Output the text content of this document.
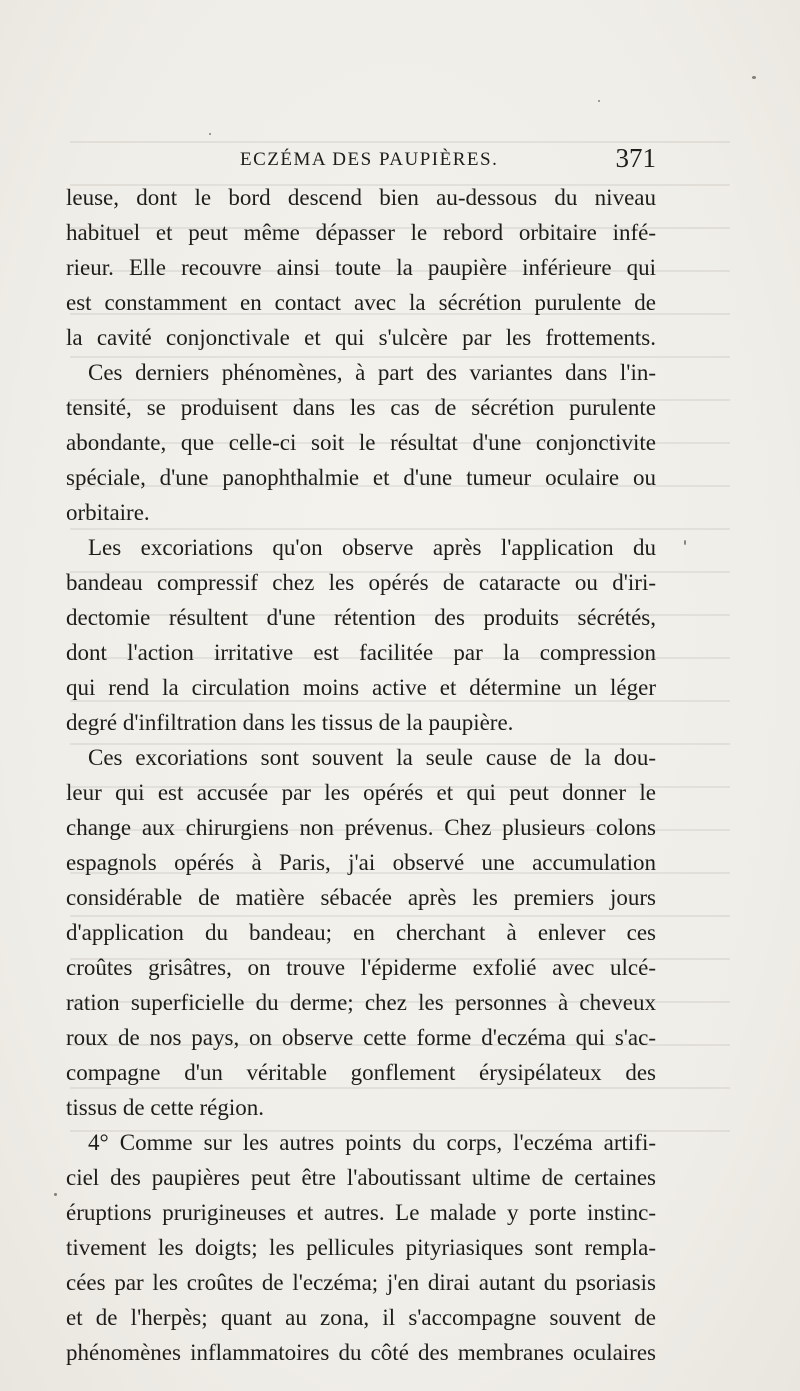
ECZÉMA DES PAUPIÈRES.	371
leuse, dont le bord descend bien au-dessous du niveau
habituel et peut même dépasser le rebord orbitaire infé-
rieur. Elle recouvre ainsi toute la paupière inférieure qui
est constamment en contact avec la sécrétion purulente de
la cavité conjonctivale et qui s'ulcère par les frottements.
Ces derniers phénomènes, à part des variantes dans l'in-
tensité, se produisent dans les cas de sécrétion purulente
abondante, que celle-ci soit le résultat d'une conjonctivite
spéciale, d'une panophthalmie et d'une tumeur oculaire ou
orbitaire.
Les excoriations qu'on observe après l'application du
bandeau compressif chez les opérés de cataracte ou d'iri-
dectomie résultent d'une rétention des produits sécrétés,
dont l'action irritative est facilitée par la compression
qui rend la circulation moins active et détermine un léger
degré d'infiltration dans les tissus de la paupière.
Ces excoriations sont souvent la seule cause de la dou-
leur qui est accusée par les opérés et qui peut donner le
change aux chirurgiens non prévenus. Chez plusieurs colons
espagnols opérés à Paris, j'ai observé une accumulation
considérable de matière sébacée après les premiers jours
d'application du bandeau; en cherchant à enlever ces
croûtes grisâtres, on trouve l'épiderme exfolié avec ulcé-
ration superficielle du derme; chez les personnes à cheveux
roux de nos pays, on observe cette forme d'eczéma qui s'ac-
compagne d'un véritable gonflement érysipélateux des
tissus de cette région.
4° Comme sur les autres points du corps, l'eczéma artifi-
ciel des paupières peut être l'aboutissant ultime de certaines
éruptions prurigineuses et autres. Le malade y porte instinc-
tivement les doigts; les pellicules pityriasiques sont rempla-
cées par les croûtes de l'eczéma; j'en dirai autant du psoriasis
et de l'herpès; quant au zona, il s'accompagne souvent de
phénomènes inflammatoires du côté des membranes oculaires
